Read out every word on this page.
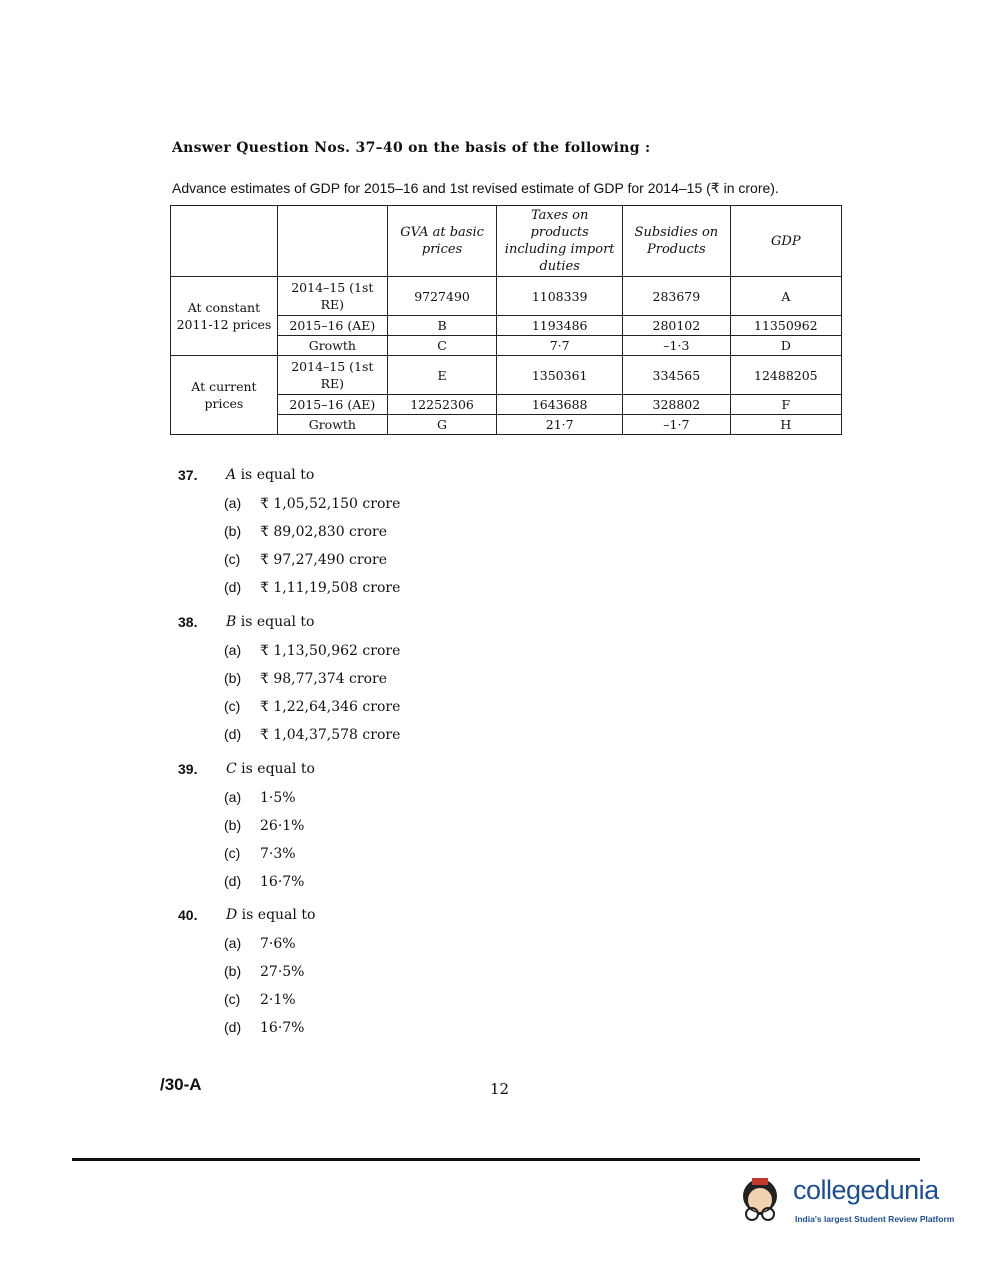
Answer Question Nos. 37–40 on the basis of the following :
Advance estimates of GDP for 2015–16 and 1st revised estimate of GDP for 2014–15 (₹ in crore).
		GVA at basic prices	Taxes on products including import duties	Subsidies on Products	GDP
At constant 2011-12 prices	2014–15 (1st RE)	9727490	1108339	283679	A
	2015–16 (AE)	B	1193486	280102	11350962
	Growth	C	7·7	–1·3	D
At current prices	2014–15 (1st RE)	E	1350361	334565	12488205
	2015–16 (AE)	12252306	1643688	328802	F
	Growth	G	21·7	–1·7	H
37. A is equal to
(a) ₹ 1,05,52,150 crore
(b) ₹ 89,02,830 crore
(c) ₹ 97,27,490 crore
(d) ₹ 1,11,19,508 crore
38. B is equal to
(a) ₹ 1,13,50,962 crore
(b) ₹ 98,77,374 crore
(c) ₹ 1,22,64,346 crore
(d) ₹ 1,04,37,578 crore
39. C is equal to
(a) 1·5%
(b) 26·1%
(c) 7·3%
(d) 16·7%
40. D is equal to
(a) 7·6%
(b) 27·5%
(c) 2·1%
(d) 16·7%
/30-A	12
collegedunia
India's largest Student Review Platform
